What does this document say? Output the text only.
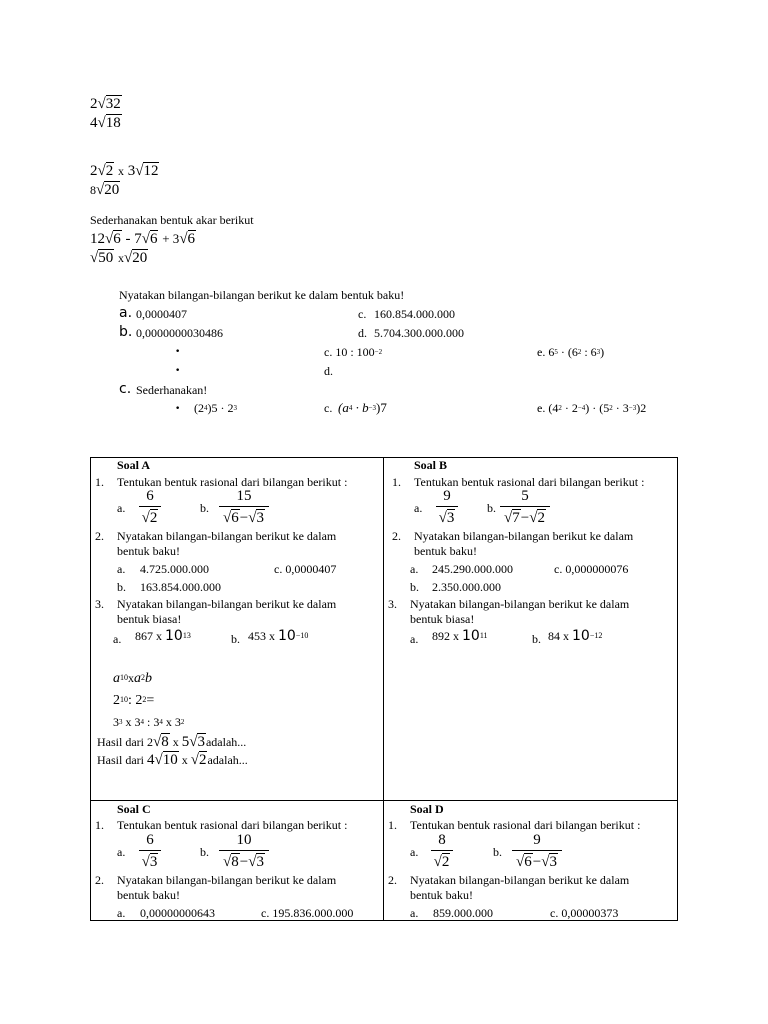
2√32
4√18
2√2 x 3√12
8√20
Sederhanakan bentuk akar berikut
12√6 - 7√6 + 3√6
√50 x√20
Nyatakan bilangan-bilangan berikut ke dalam bentuk baku!
a. 0,0000407	c. 160.854.000.000
b. 0,0000000030486	d. 5.704.300.000.000
•	c. 10 : $100^{-2}$	e. $6^5 \cdot (6^2$ : $6^3$)
•	d.
c. Sederhanakan!
• $(2^4)5 \cdot 2^3$	c. $(a^4 \cdot b^{-3})7$	e. $(4^2 \cdot 2^{-4}) \cdot (5^2 \cdot 3^{-3})2$
Soal A
1. Tentukan bentuk rasional dari bilangan berikut :
a.
6
√2
b.
15
√6−√3
2. Nyatakan bilangan-bilangan berikut ke dalam
bentuk baku!
a. 4.725.000.000	c. 0,0000407
b. 163.854.000.000
3. Nyatakan bilangan-bilangan berikut ke dalam
bentuk biasa!
a. 867 x $10^{13}$	b. 453 x $10^{-10}$
$a^{10}xa^2b$
$2^{10}$: $2^2=$
$3^3$ x $3^4$ : $3^4$ x $3^2$
Hasil dari 2√8 x 5√3adalah...
Hasil dari 4√10 x √2adalah...
Soal B
1. Tentukan bentuk rasional dari bilangan berikut :
a.
9
√3
b.
5
√7−√2
2. Nyatakan bilangan-bilangan berikut ke dalam
bentuk baku!
a. 245.290.000.000	c. 0,000000076
b. 2.350.000.000
3. Nyatakan bilangan-bilangan berikut ke dalam
bentuk biasa!
a. 892 x $10^{11}$	b. 84 x $10^{-12}$
Soal C
1. Tentukan bentuk rasional dari bilangan berikut :
a.
6
√3
b.
10
√8−√3
2. Nyatakan bilangan-bilangan berikut ke dalam
bentuk baku!
a. 0,00000000643	c. 195.836.000.000
Soal D
1. Tentukan bentuk rasional dari bilangan berikut :
a.
8
√2
b.
9
√6−√3
2. Nyatakan bilangan-bilangan berikut ke dalam
bentuk baku!
a. 859.000.000	c. 0,00000373
